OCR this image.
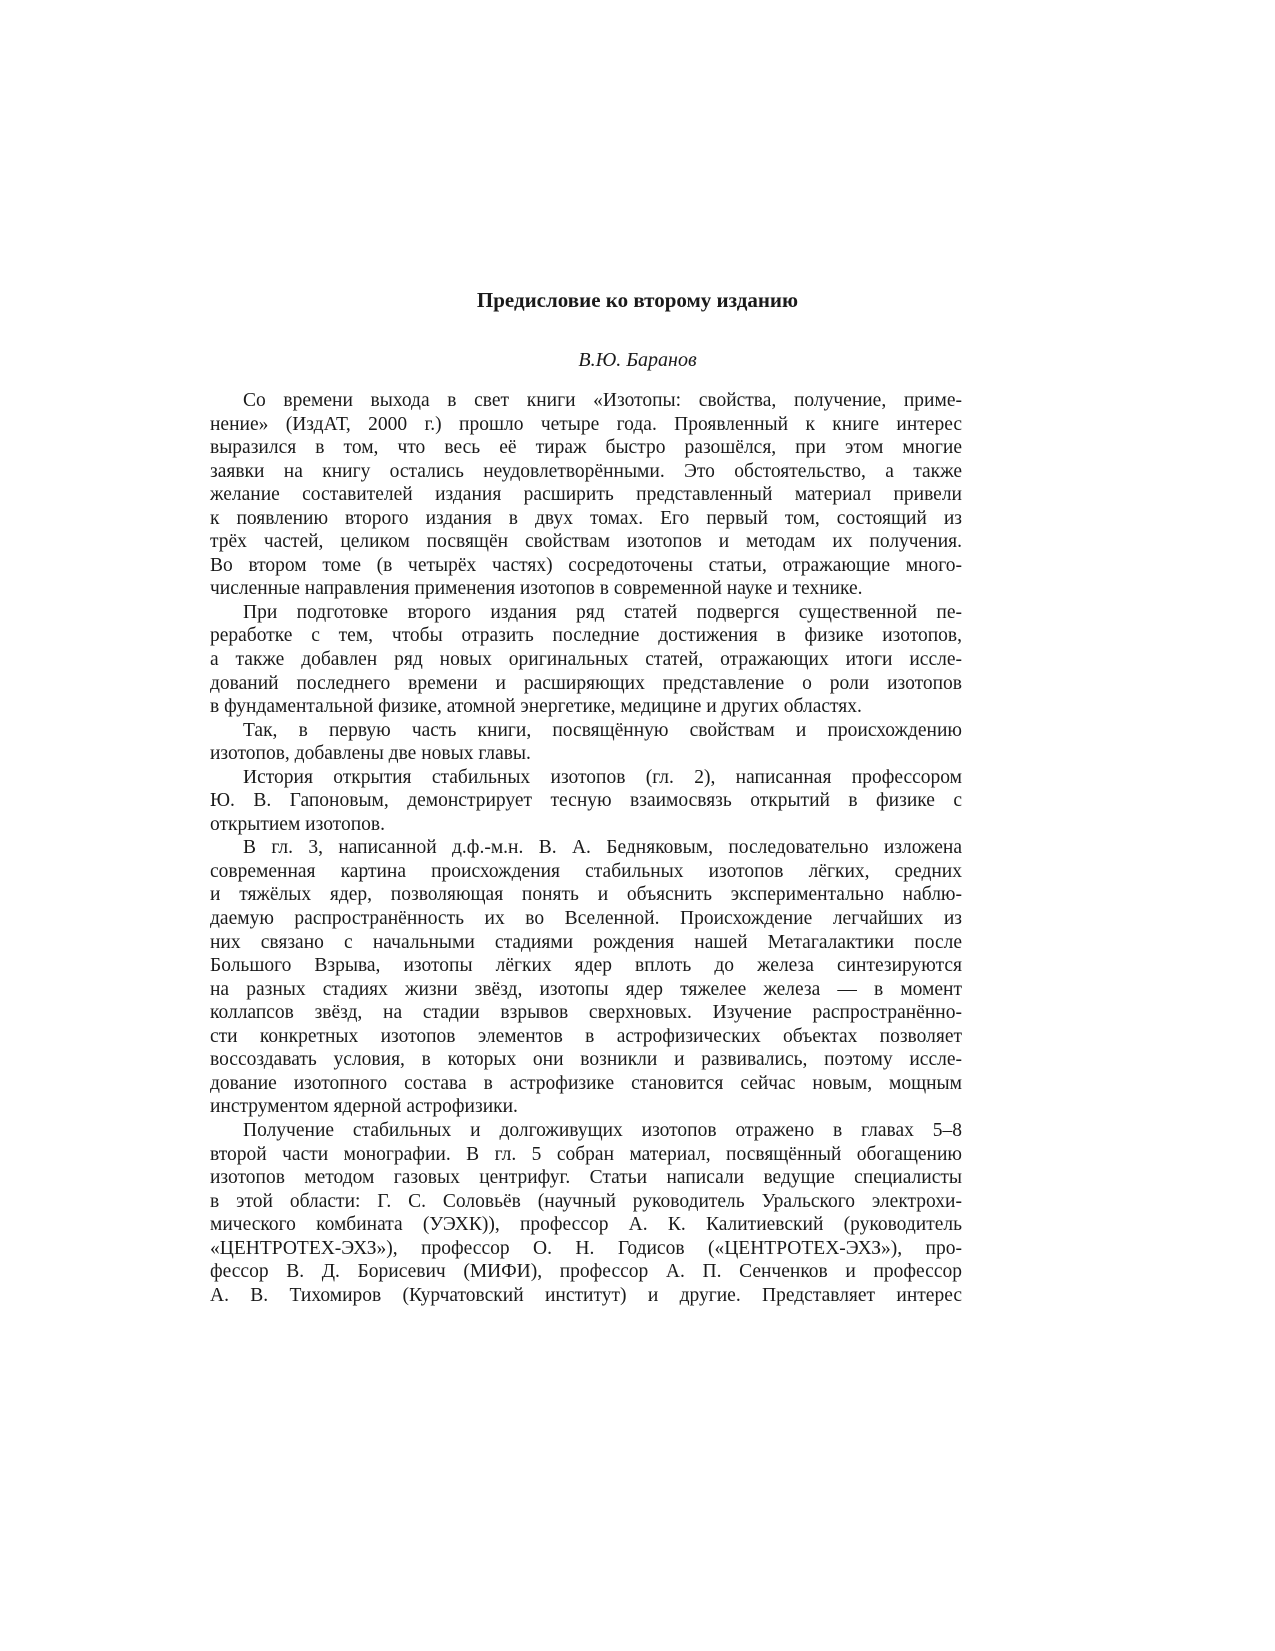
Предисловие ко второму изданию
В.Ю. Баранов
Со времени выхода в свет книги «Изотопы: свойства, получение, приме-
нение» (ИздАТ, 2000 г.) прошло четыре года. Проявленный к книге интерес
выразился в том, что весь её тираж быстро разошёлся, при этом многие
заявки на книгу остались неудовлетворёнными. Это обстоятельство, а также
желание составителей издания расширить представленный материал привели
к появлению второго издания в двух томах. Его первый том, состоящий из
трёх частей, целиком посвящён свойствам изотопов и методам их получения.
Во втором томе (в четырёх частях) сосредоточены статьи, отражающие много-
численные направления применения изотопов в современной науке и технике.
При подготовке второго издания ряд статей подвергся существенной пе-
реработке с тем, чтобы отразить последние достижения в физике изотопов,
а также добавлен ряд новых оригинальных статей, отражающих итоги иссле-
дований последнего времени и расширяющих представление о роли изотопов
в фундаментальной физике, атомной энергетике, медицине и других областях.
Так, в первую часть книги, посвящённую свойствам и происхождению
изотопов, добавлены две новых главы.
История открытия стабильных изотопов (гл. 2), написанная профессором
Ю. В. Гапоновым, демонстрирует тесную взаимосвязь открытий в физике с
открытием изотопов.
В гл. 3, написанной д.ф.-м.н. В. А. Бедняковым, последовательно изложена
современная картина происхождения стабильных изотопов лёгких, средних
и тяжёлых ядер, позволяющая понять и объяснить экспериментально наблю-
даемую распространённость их во Вселенной. Происхождение легчайших из
них связано с начальными стадиями рождения нашей Метагалактики после
Большого Взрыва, изотопы лёгких ядер вплоть до железа синтезируются
на разных стадиях жизни звёзд, изотопы ядер тяжелее железа — в момент
коллапсов звёзд, на стадии взрывов сверхновых. Изучение распространённо-
сти конкретных изотопов элементов в астрофизических объектах позволяет
воссоздавать условия, в которых они возникли и развивались, поэтому иссле-
дование изотопного состава в астрофизике становится сейчас новым, мощным
инструментом ядерной астрофизики.
Получение стабильных и долгоживущих изотопов отражено в главах 5–8
второй части монографии. В гл. 5 собран материал, посвящённый обогащению
изотопов методом газовых центрифуг. Статьи написали ведущие специалисты
в этой области: Г. С. Соловьёв (научный руководитель Уральского электрохи-
мического комбината (УЭХК)), профессор А. К. Калитиевский (руководитель
«ЦЕНТРОТЕХ-ЭХЗ»), профессор О. Н. Годисов («ЦЕНТРОТЕХ-ЭХЗ»), про-
фессор В. Д. Борисевич (МИФИ), профессор А. П. Сенченков и профессор
А. В. Тихомиров (Курчатовский институт) и другие. Представляет интерес
